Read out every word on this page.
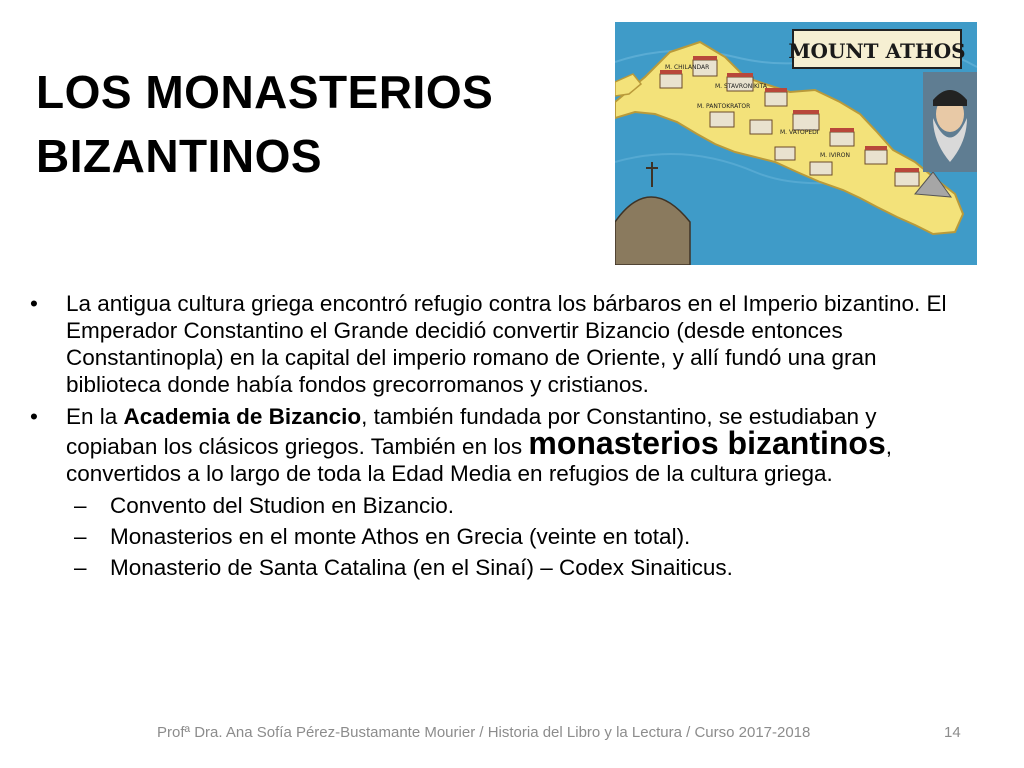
LOS MONASTERIOS
BIZANTINOS
MOUNT ATHOS
M. CHILANDAR
M. STAVRONIKITA
M. PANTOKRATOR
M. VATOPEDI
M. IVIRON
• La antigua cultura griega encontró refugio contra los bárbaros en el Imperio bizantino. El Emperador Constantino el Grande decidió convertir Bizancio (desde entonces Constantinopla) en la capital del imperio romano de Oriente, y allí fundó una gran biblioteca donde había fondos grecorromanos y cristianos.
• En la Academia de Bizancio, también fundada por Constantino, se estudiaban y copiaban los clásicos griegos. También en los monasterios bizantinos, convertidos a lo largo de toda la Edad Media en refugios de la cultura griega.
– Convento del Studion en Bizancio.
– Monasterios en el monte Athos en Grecia (veinte en total).
– Monasterio de Santa Catalina (en el Sinaí) – Codex Sinaiticus.
Profª Dra. Ana Sofía Pérez-Bustamante Mourier / Historia del Libro y la Lectura / Curso 2017-2018	14
